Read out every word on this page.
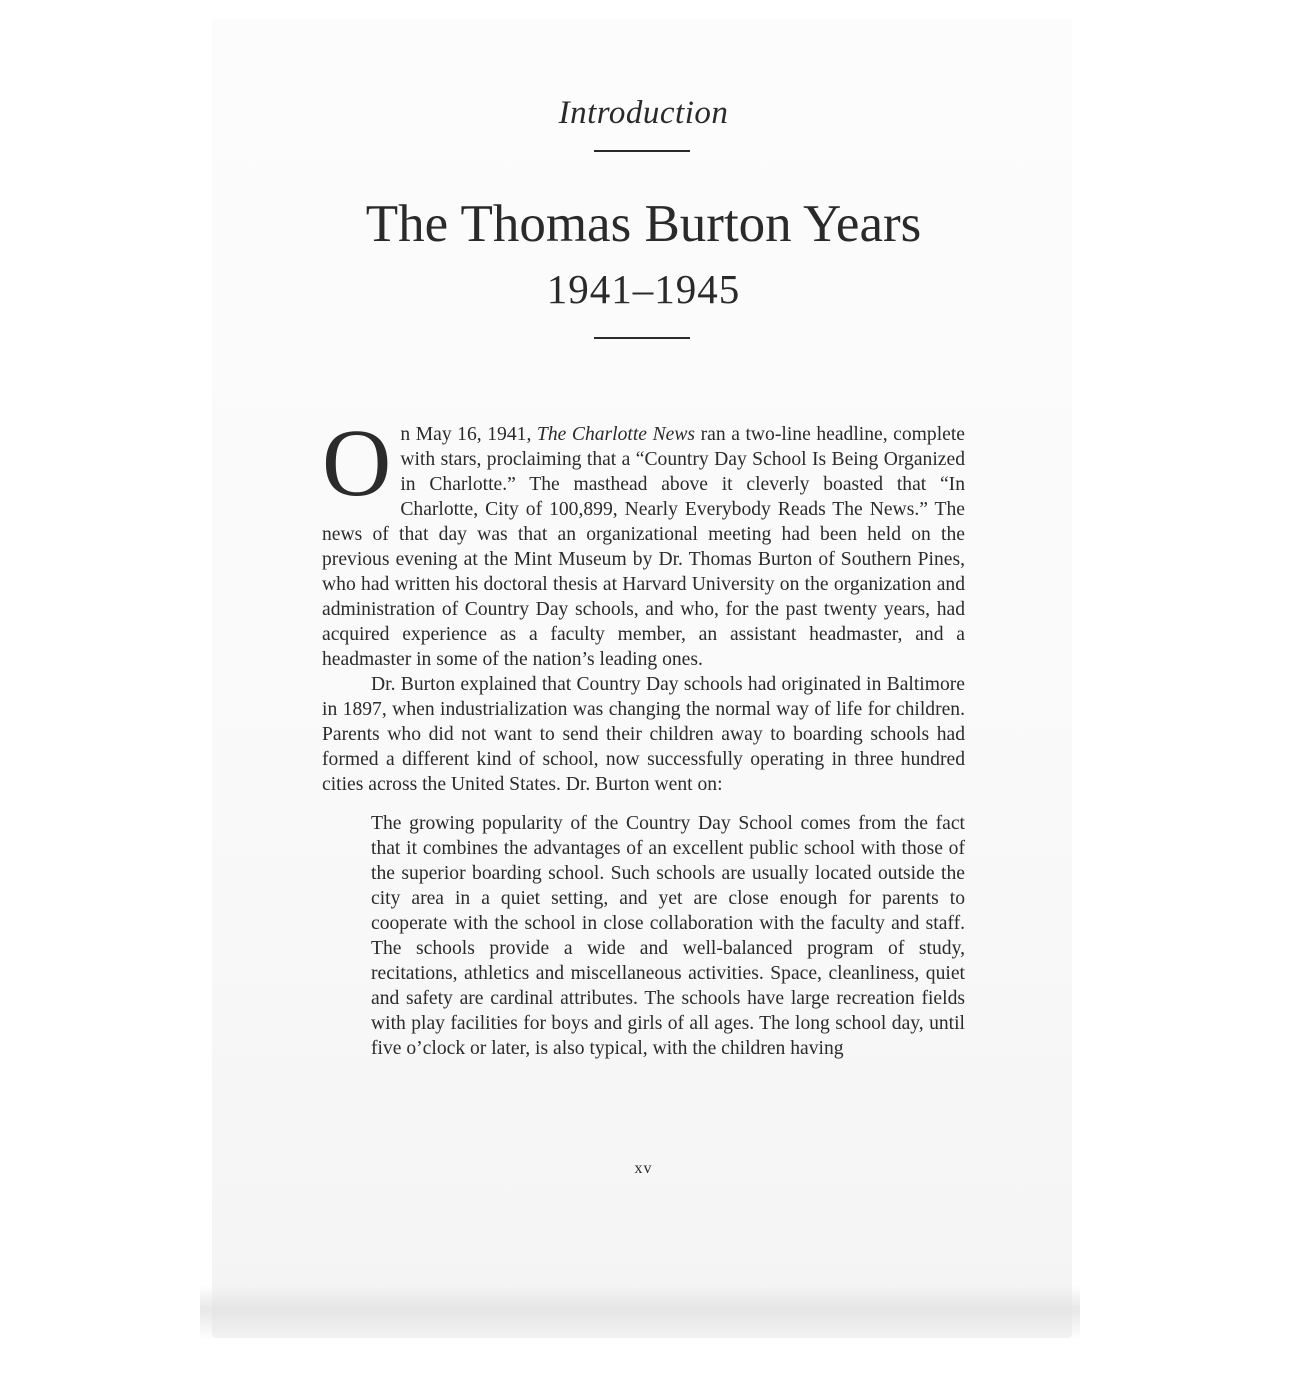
Introduction
The Thomas Burton Years
1941–1945

On May 16, 1941, The Charlotte News ran a two-line headline, complete with stars, proclaiming that a “Country Day School Is Being Organized in Charlotte.” The masthead above it cleverly boasted that “In Charlotte, City of 100,899, Nearly Everybody Reads The News.” The news of that day was that an organizational meeting had been held on the previous evening at the Mint Museum by Dr. Thomas Burton of Southern Pines, who had written his doctoral thesis at Harvard University on the organization and administration of Country Day schools, and who, for the past twenty years, had acquired experience as a faculty member, an assistant headmaster, and a headmaster in some of the nation’s leading ones.

Dr. Burton explained that Country Day schools had originated in Baltimore in 1897, when industrialization was changing the normal way of life for children. Parents who did not want to send their children away to boarding schools had formed a different kind of school, now successfully operating in three hundred cities across the United States. Dr. Burton went on:

The growing popularity of the Country Day School comes from the fact that it combines the advantages of an excellent public school with those of the superior boarding school. Such schools are usually located outside the city area in a quiet setting, and yet are close enough for parents to cooperate with the school in close collaboration with the faculty and staff. The schools provide a wide and well-balanced program of study, recitations, athletics and miscellaneous activities. Space, cleanliness, quiet and safety are cardinal attributes. The schools have large recreation fields with play facilities for boys and girls of all ages. The long school day, until five o’clock or later, is also typical, with the children having

xv
